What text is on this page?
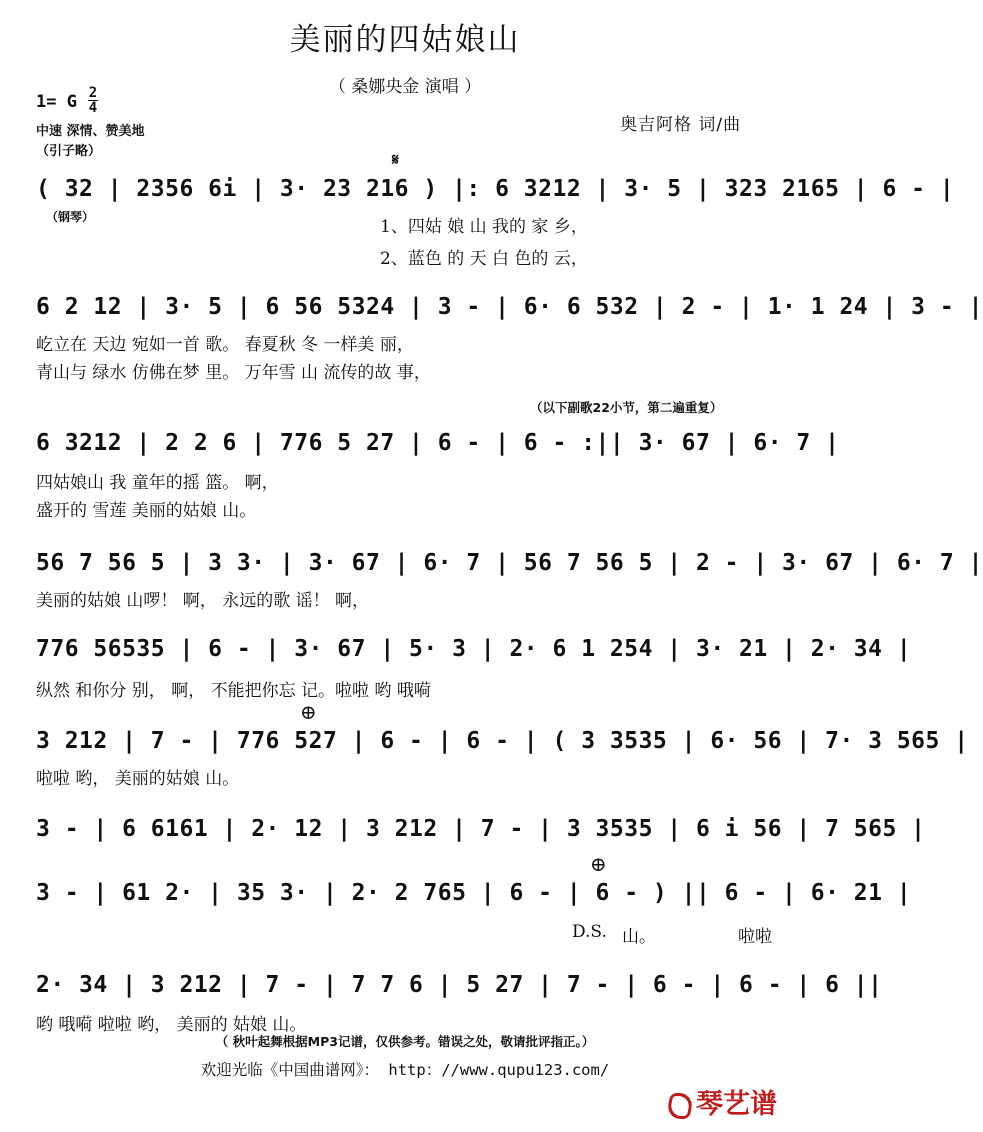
美丽的四姑娘山
（ 桑娜央金 演唱 ）
1= G 2
4
中速 深情、赞美地
（引子略）
奥吉阿格 词/曲
𝄋
（钢琴）
( 32 | 2356 6i | 3· 23 216 ) |: 6 3212 | 3· 5 | 323 2165 | 6 - |
1、四姑 娘 山 我的 家 乡，
2、蓝色 的 天 白 色的 云，
6 2 12 | 3· 5 | 6 56 5324 | 3 - | 6· 6 532 | 2 - | 1· 1 24 | 3 - |
屹立在 天边 宛如一首 歌。 春夏秋 冬 一样美 丽，
青山与 绿水 仿佛在梦 里。 万年雪 山 流传的故 事，
（以下副歌22小节，第二遍重复）
6 3212 | 2 2 6 | 776 5 27 | 6 - | 6 - :|| 3· 67 | 6· 7 |
四姑娘山 我 童年的摇 篮。 啊，
盛开的 雪莲 美丽的姑娘 山。
56 7 56 5 | 3 3· | 3· 67 | 6· 7 | 56 7 56 5 | 2 - | 3· 67 | 6· 7 |
美丽的姑娘 山啰！ 啊， 永远的歌 谣！ 啊，
776 56535 | 6 - | 3· 67 | 5· 3 | 2· 6 1 254 | 3· 21 | 2· 34 |
纵然 和你分 别， 啊， 不能把你忘 记。啦啦 哟 哦嗬
⊕
3 212 | 7 - | 776 527 | 6 - | 6 - | ( 3 3535 | 6· 56 | 7· 3 565 |
啦啦 哟， 美丽的姑娘 山。
3 - | 6 6161 | 2· 12 | 3 212 | 7 - | 3 3535 | 6 i 56 | 7 565 |
⊕
3 - | 61 2· | 35 3· | 2· 2 765 | 6 - | 6 - ) || 6 - | 6· 21 |
D.S. 山。	啦啦
2· 34 | 3 212 | 7 - | 7 7 6 | 5 27 | 7 - | 6 - | 6 - | 6 ||
哟 哦嗬 啦啦 哟， 美丽的 姑娘 山。
（ 秋叶起舞根据MP3记谱，仅供参考。错误之处，敬请批评指正。）
欢迎光临《中国曲谱网》： http：//www.qupu123.com/
琴艺谱
